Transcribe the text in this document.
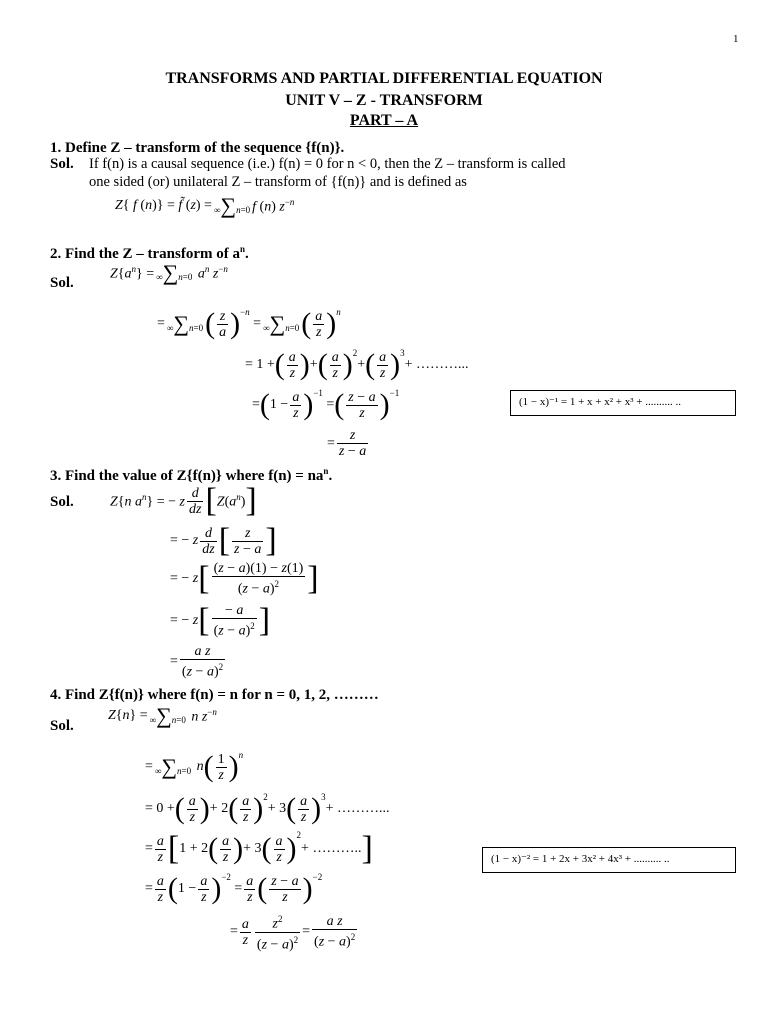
1
TRANSFORMS AND PARTIAL DIFFERENTIAL EQUATION
UNIT V – Z - TRANSFORM
PART – A
1. Define Z – transform of the sequence {f(n)}.
Sol. If f(n) is a causal sequence (i.e.) f(n) = 0 for n < 0, then the Z – transform is called
one sided (or) unilateral Z – transform of {f(n)} and is defined as
Z{ f (n)} = f̃ (z) = ∞∑n=0 f (n) $z^{-n}$
2. Find the Z – transform of $a^n$.
Sol.
$Z\{a^n\} = \infty\sum n=0$ $a^n$ $z^{-n}$
= ∞∑n=0 ( $\frac{z}{a} )^{-n}$
= ∞∑n=0 ( $\frac{a}{z}$ ) $^n$
= 1 + ( $\frac{a}{z}$ ) + ( $\frac{a}{z} )^2$
+ ( $\frac{a}{z} )^3$
+ ………...
= ( $1 - \frac{a}{z} )^{-1}$
= ( $\frac{z - a}{z} )^{-1}$
= $\frac{z}{z - a}$
(1 − x)⁻¹ = 1 + x + x² + x³ + .......... ..
3. Find the value of Z{f(n)} where $f(n) = na^n$.
Sol.	Z{n $a^n$} = − z $\frac{d}{dz}$ [ $Z(a^n)$ ]
= − z $\frac{d}{dz}$ [ $\frac{z}{z - a}$ ]
= − z [ $\frac{(z - a)(1) - z(1)}{(z - a)^2}$ ]
= − z [ $\frac{- a}{(z - a)^2}$ ]
= $\frac{\text{a z}}{(z - a)^2}$
4. Find Z{f(n)} where f(n) = n for n = 0, 1, 2, ………
Sol.
Z{n} = ∞∑n=0 n $z^{-n}$
= ∞∑n=0 n ( $\frac{1}{z}$ ) $^n$
= 0 + ( $\frac{a}{z}$ ) + 2 ( $\frac{a}{z} )^2$
+ 3 ( $\frac{a}{z} )^3$
+ ………...
= $\frac{a}{z}$ [ 1 + 2 ( $\frac{a}{z}$ ) + 3 ( $\frac{a}{z} )^2$
+ ……….. ]
= $\frac{a}{z}$ ( $1 - \frac{a}{z} )^{-2}$
= $\frac{a}{z}$ ( $\frac{z - a}{z} )^{-2}$
= $\frac{a}{z} \frac{z^2}{(z - a)^2} = \frac{\text{a z}}{(z - a)^2}$
(1 − x)⁻² = 1 + 2x + 3x² + 4x³ + .......... ..
